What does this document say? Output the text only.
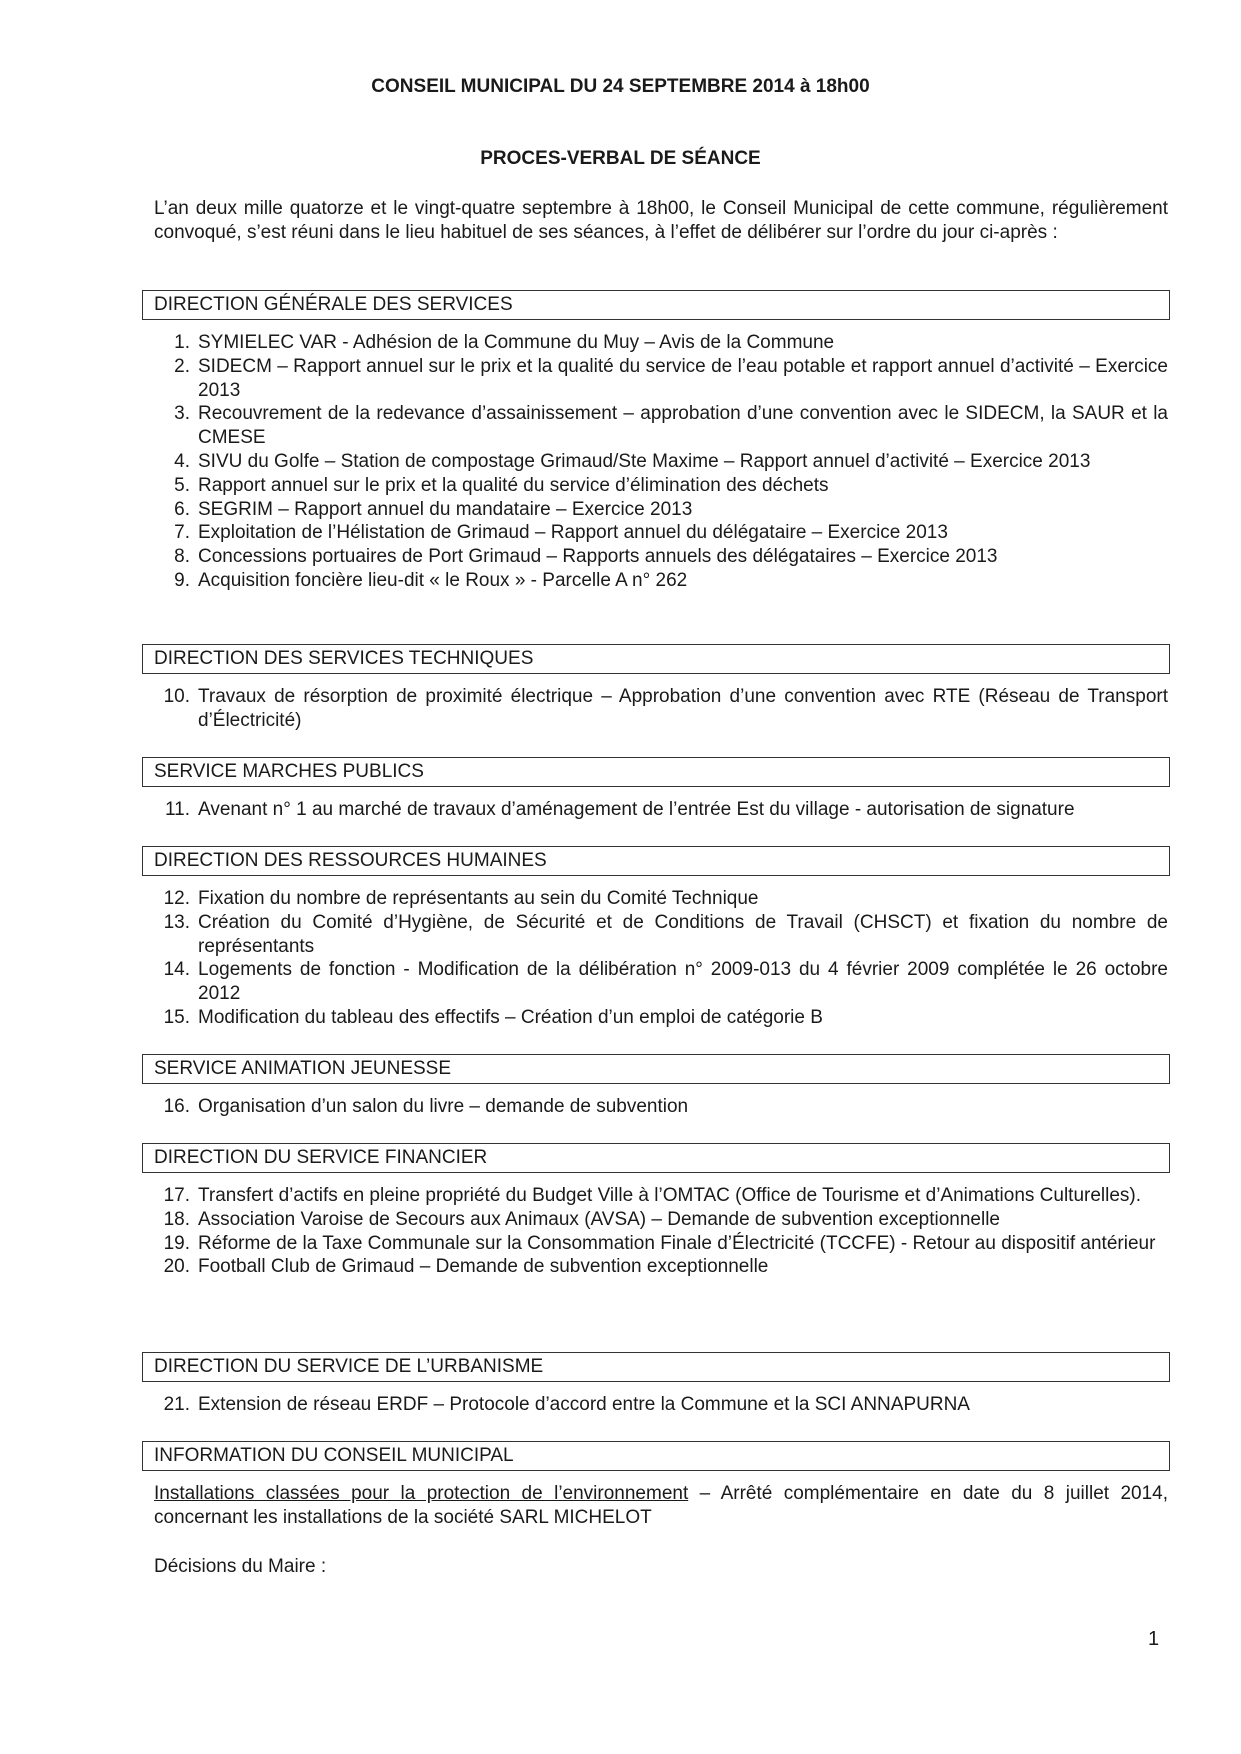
CONSEIL MUNICIPAL DU 24 SEPTEMBRE 2014 à 18h00
PROCES-VERBAL DE SÉANCE
L’an deux mille quatorze et le vingt-quatre septembre à 18h00, le Conseil Municipal de cette commune, régulièrement convoqué, s’est réuni dans le lieu habituel de ses séances, à l’effet de délibérer sur l’ordre du jour ci-après :
DIRECTION GÉNÉRALE DES SERVICES
1. SYMIELEC VAR - Adhésion de la Commune du Muy – Avis de la Commune
2. SIDECM – Rapport annuel sur le prix et la qualité du service de l’eau potable et rapport annuel d’activité – Exercice 2013
3. Recouvrement de la redevance d’assainissement – approbation d’une convention avec le SIDECM, la SAUR et la CMESE
4. SIVU du Golfe – Station de compostage Grimaud/Ste Maxime – Rapport annuel d’activité – Exercice 2013
5. Rapport annuel sur le prix et la qualité du service d’élimination des déchets
6. SEGRIM – Rapport annuel du mandataire – Exercice 2013
7. Exploitation de l’Hélistation de Grimaud – Rapport annuel du délégataire – Exercice 2013
8. Concessions portuaires de Port Grimaud – Rapports annuels des délégataires – Exercice 2013
9. Acquisition foncière lieu-dit « le Roux » - Parcelle A n° 262
DIRECTION DES SERVICES TECHNIQUES
10. Travaux de résorption de proximité électrique – Approbation d’une convention avec RTE (Réseau de Transport d’Électricité)
SERVICE MARCHES PUBLICS
11. Avenant n° 1 au marché de travaux d’aménagement de l’entrée Est du village - autorisation de signature
DIRECTION DES RESSOURCES HUMAINES
12. Fixation du nombre de représentants au sein du Comité Technique
13. Création du Comité d’Hygiène, de Sécurité et de Conditions de Travail (CHSCT) et fixation du nombre de représentants
14. Logements de fonction - Modification de la délibération n° 2009-013 du 4 février 2009 complétée le 26 octobre 2012
15. Modification du tableau des effectifs – Création d’un emploi de catégorie B
SERVICE ANIMATION JEUNESSE
16. Organisation d’un salon du livre – demande de subvention
DIRECTION DU SERVICE FINANCIER
17. Transfert d’actifs en pleine propriété du Budget Ville à l’OMTAC (Office de Tourisme et d’Animations Culturelles).
18. Association Varoise de Secours aux Animaux (AVSA) – Demande de subvention exceptionnelle
19. Réforme de la Taxe Communale sur la Consommation Finale d’Électricité (TCCFE) - Retour au dispositif antérieur
20. Football Club de Grimaud – Demande de subvention exceptionnelle
DIRECTION DU SERVICE DE L’URBANISME
21. Extension de réseau ERDF – Protocole d’accord entre la Commune et la SCI ANNAPURNA
INFORMATION DU CONSEIL MUNICIPAL
Installations classées pour la protection de l’environnement – Arrêté complémentaire en date du 8 juillet 2014, concernant les installations de la société SARL MICHELOT
Décisions du Maire :
1
